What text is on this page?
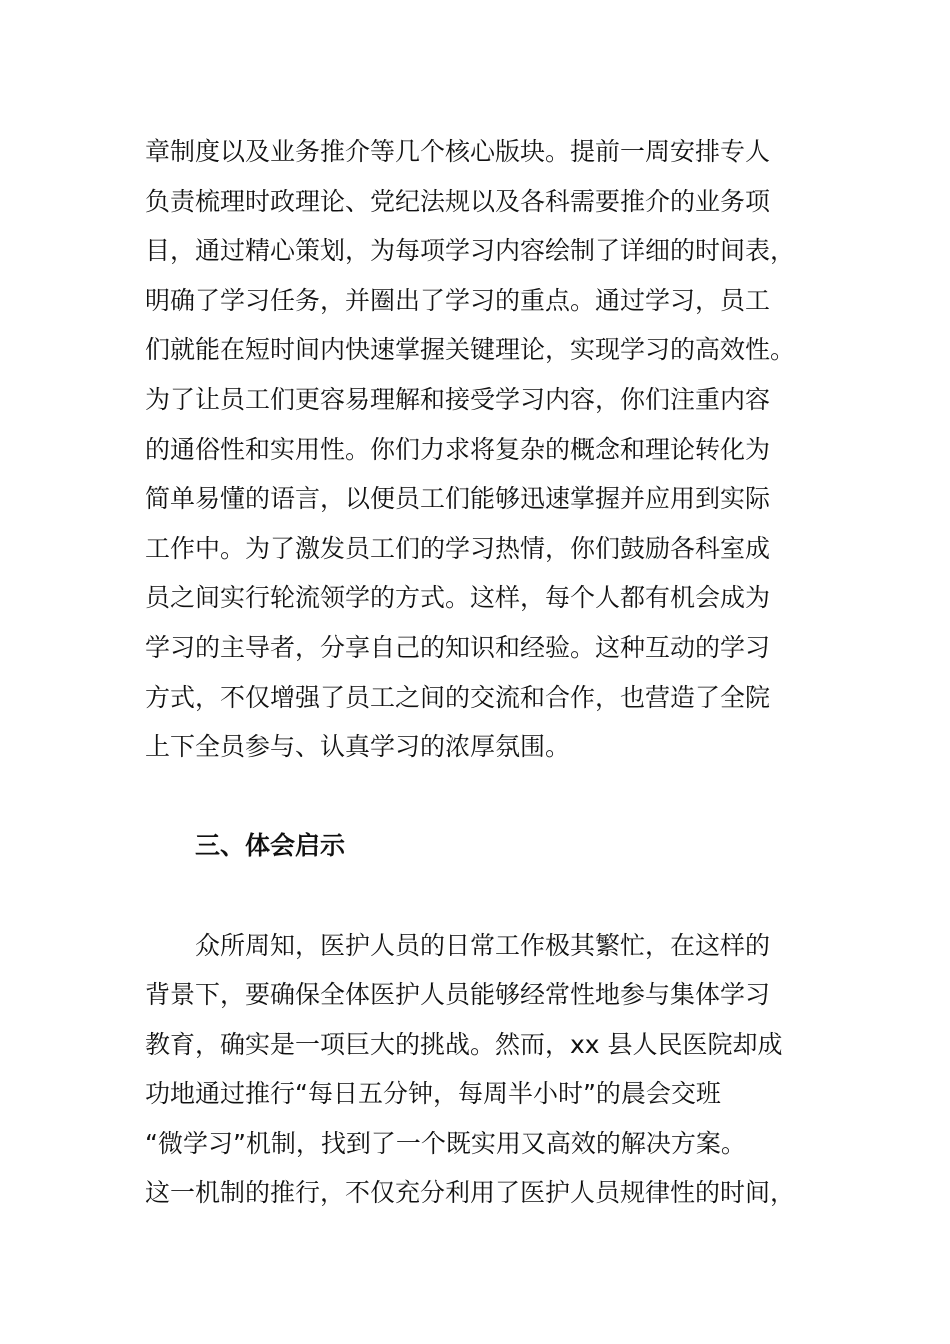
章制度以及业务推介等几个核心版块。提前一周安排专人
负责梳理时政理论、党纪法规以及各科需要推介的业务项
目，通过精心策划，为每项学习内容绘制了详细的时间表，
明确了学习任务，并圈出了学习的重点。通过学习，员工
们就能在短时间内快速掌握关键理论，实现学习的高效性。
为了让员工们更容易理解和接受学习内容，你们注重内容
的通俗性和实用性。你们力求将复杂的概念和理论转化为
简单易懂的语言，以便员工们能够迅速掌握并应用到实际
工作中。为了激发员工们的学习热情，你们鼓励各科室成
员之间实行轮流领学的方式。这样，每个人都有机会成为
学习的主导者，分享自己的知识和经验。这种互动的学习
方式，不仅增强了员工之间的交流和合作，也营造了全院
上下全员参与、认真学习的浓厚氛围。
三、体会启示
众所周知，医护人员的日常工作极其繁忙，在这样的
背景下，要确保全体医护人员能够经常性地参与集体学习
教育，确实是一项巨大的挑战。然而，xx 县人民医院却成
功地通过推行“每日五分钟，每周半小时”的晨会交班
“微学习”机制，找到了一个既实用又高效的解决方案。
这一机制的推行，不仅充分利用了医护人员规律性的时间，
